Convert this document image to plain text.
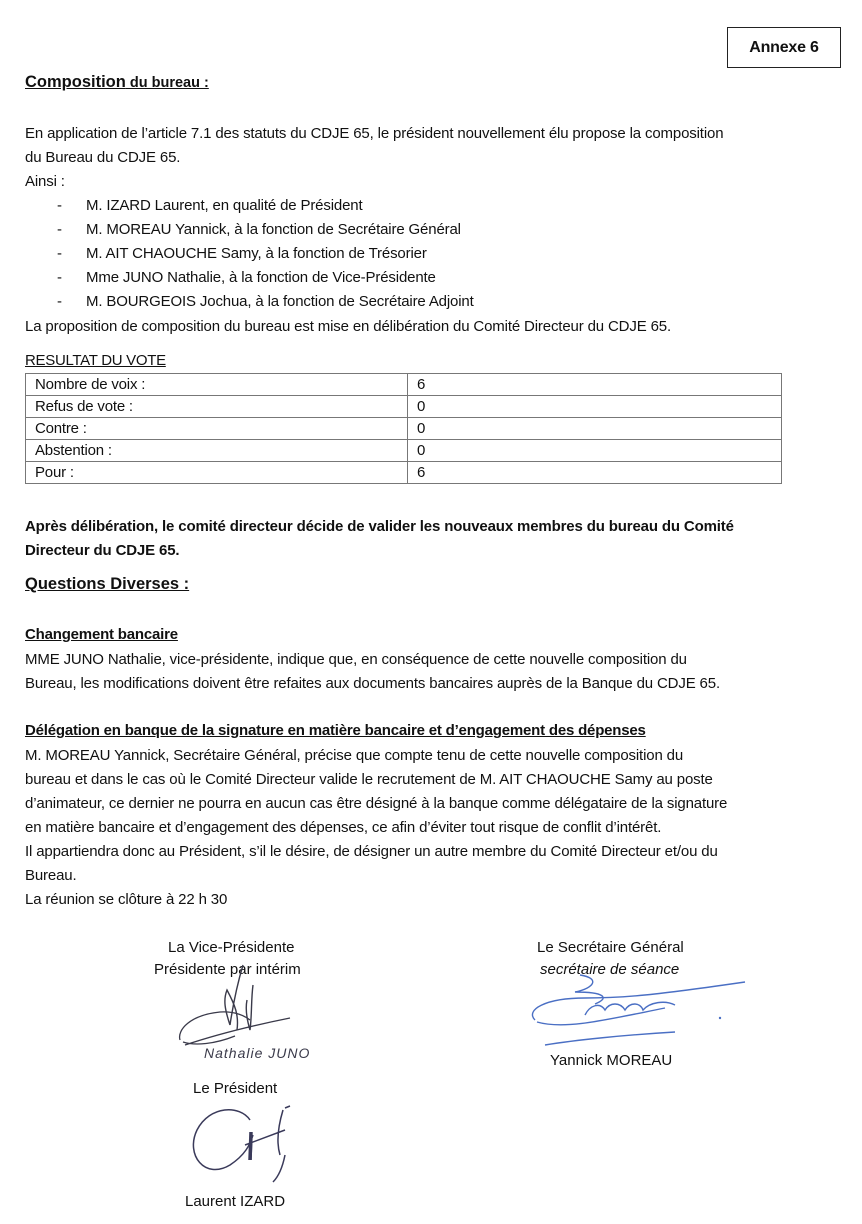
Annexe 6
Composition du bureau :
En application de l’article 7.1 des statuts du CDJE 65, le président nouvellement élu propose la composition
du Bureau du CDJE 65.
Ainsi :
- M. IZARD Laurent, en qualité de Président
- M. MOREAU Yannick, à la fonction de Secrétaire Général
- M. AIT CHAOUCHE Samy, à la fonction de Trésorier
- Mme JUNO Nathalie, à la fonction de Vice-Présidente
- M. BOURGEOIS Jochua, à la fonction de Secrétaire Adjoint
La proposition de composition du bureau est mise en délibération du Comité Directeur du CDJE 65.
RESULTAT DU VOTE
Nombre de voix :	6
Refus de vote :	0
Contre :	0
Abstention :	0
Pour :	6
Après délibération, le comité directeur décide de valider les nouveaux membres du bureau du Comité
Directeur du CDJE 65.
Questions Diverses :
Changement bancaire
MME JUNO Nathalie, vice-présidente, indique que, en conséquence de cette nouvelle composition du
Bureau, les modifications doivent être refaites aux documents bancaires auprès de la Banque du CDJE 65.
Délégation en banque de la signature en matière bancaire et d’engagement des dépenses
M. MOREAU Yannick, Secrétaire Général, précise que compte tenu de cette nouvelle composition du
bureau et dans le cas où le Comité Directeur valide le recrutement de M. AIT CHAOUCHE Samy au poste
d’animateur, ce dernier ne pourra en aucun cas être désigné à la banque comme délégataire de la signature
en matière bancaire et d’engagement des dépenses, ce afin d’éviter tout risque de conflit d’intérêt.
Il appartiendra donc au Président, s’il le désire, de désigner un autre membre du Comité Directeur et/ou du
Bureau.
La réunion se clôture à 22 h 30
La Vice-Présidente
Présidente par intérim
Nathalie JUNO
Le Secrétaire Général
secrétaire de séance
Yannick MOREAU
Le Président
Laurent IZARD
